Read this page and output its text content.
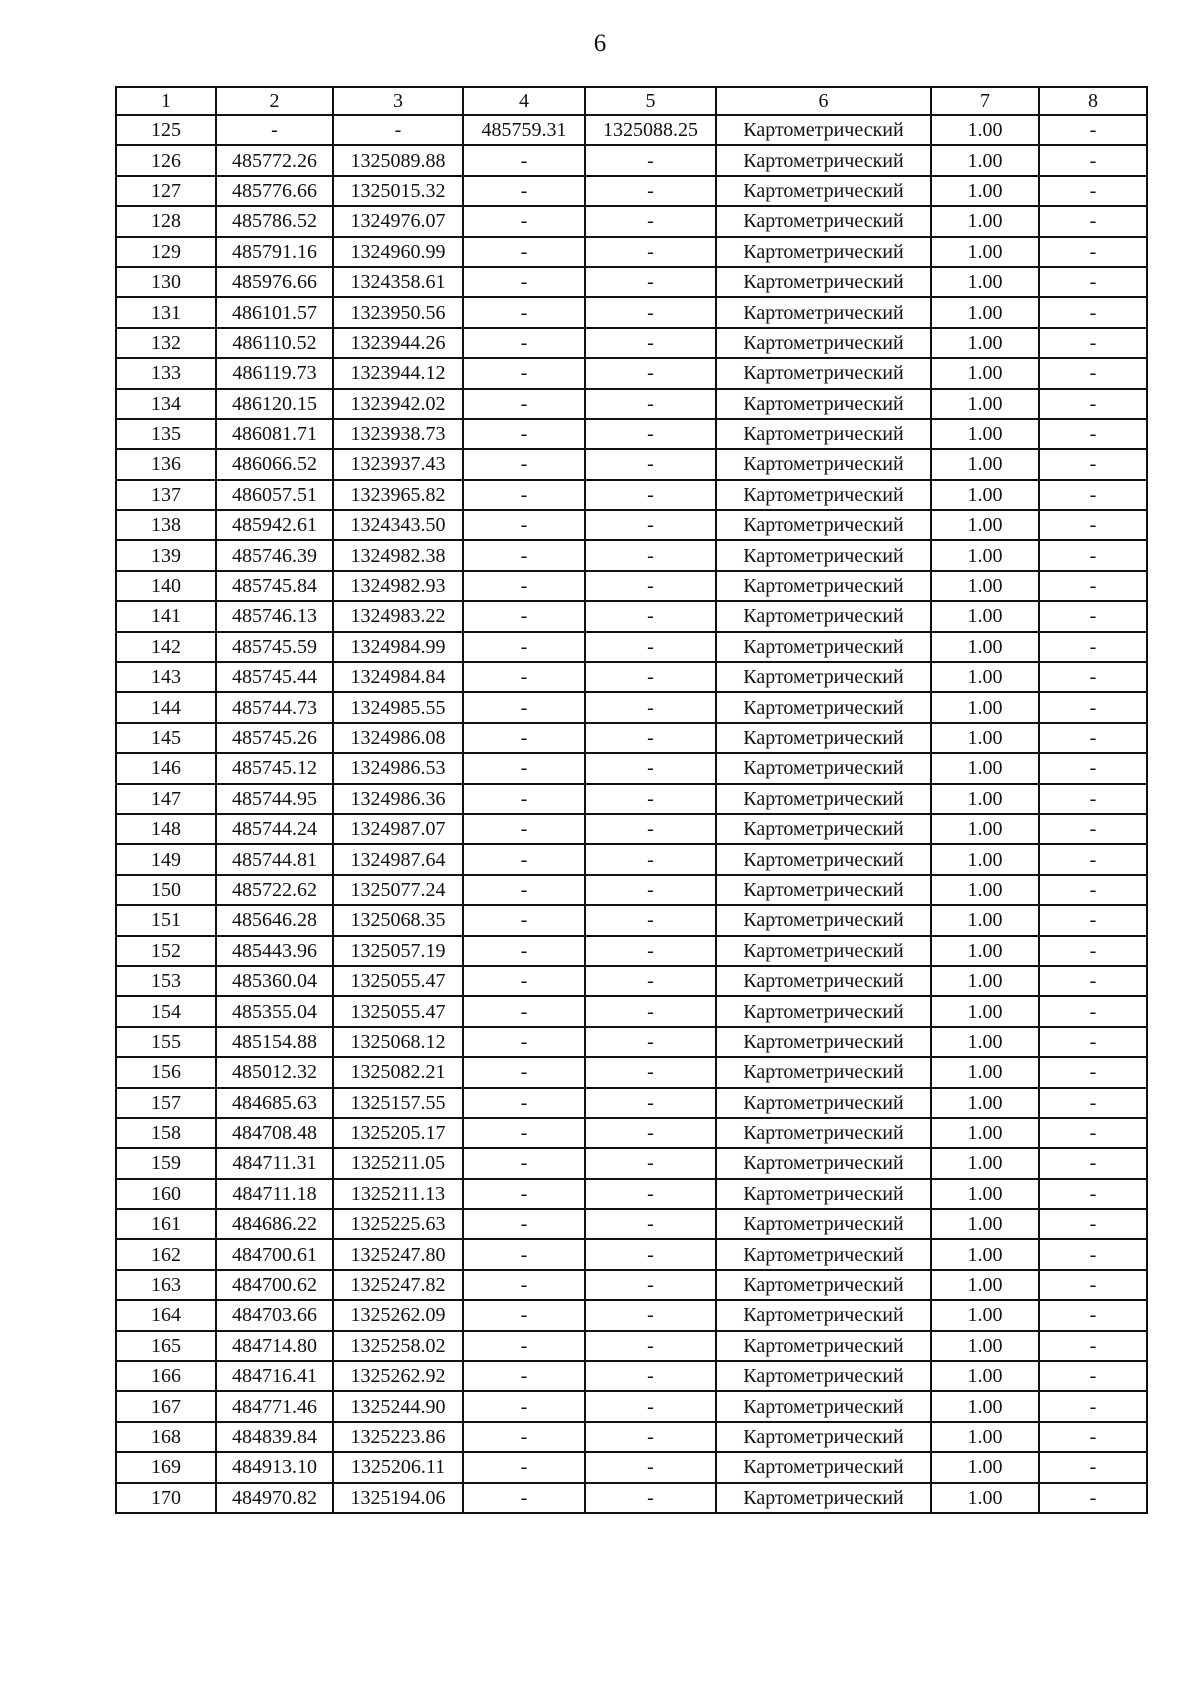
6
1	2	3	4	5	6	7	8
125	-	-	485759.31	1325088.25	Картометрический	1.00	-
126	485772.26	1325089.88	-	-	Картометрический	1.00	-
127	485776.66	1325015.32	-	-	Картометрический	1.00	-
128	485786.52	1324976.07	-	-	Картометрический	1.00	-
129	485791.16	1324960.99	-	-	Картометрический	1.00	-
130	485976.66	1324358.61	-	-	Картометрический	1.00	-
131	486101.57	1323950.56	-	-	Картометрический	1.00	-
132	486110.52	1323944.26	-	-	Картометрический	1.00	-
133	486119.73	1323944.12	-	-	Картометрический	1.00	-
134	486120.15	1323942.02	-	-	Картометрический	1.00	-
135	486081.71	1323938.73	-	-	Картометрический	1.00	-
136	486066.52	1323937.43	-	-	Картометрический	1.00	-
137	486057.51	1323965.82	-	-	Картометрический	1.00	-
138	485942.61	1324343.50	-	-	Картометрический	1.00	-
139	485746.39	1324982.38	-	-	Картометрический	1.00	-
140	485745.84	1324982.93	-	-	Картометрический	1.00	-
141	485746.13	1324983.22	-	-	Картометрический	1.00	-
142	485745.59	1324984.99	-	-	Картометрический	1.00	-
143	485745.44	1324984.84	-	-	Картометрический	1.00	-
144	485744.73	1324985.55	-	-	Картометрический	1.00	-
145	485745.26	1324986.08	-	-	Картометрический	1.00	-
146	485745.12	1324986.53	-	-	Картометрический	1.00	-
147	485744.95	1324986.36	-	-	Картометрический	1.00	-
148	485744.24	1324987.07	-	-	Картометрический	1.00	-
149	485744.81	1324987.64	-	-	Картометрический	1.00	-
150	485722.62	1325077.24	-	-	Картометрический	1.00	-
151	485646.28	1325068.35	-	-	Картометрический	1.00	-
152	485443.96	1325057.19	-	-	Картометрический	1.00	-
153	485360.04	1325055.47	-	-	Картометрический	1.00	-
154	485355.04	1325055.47	-	-	Картометрический	1.00	-
155	485154.88	1325068.12	-	-	Картометрический	1.00	-
156	485012.32	1325082.21	-	-	Картометрический	1.00	-
157	484685.63	1325157.55	-	-	Картометрический	1.00	-
158	484708.48	1325205.17	-	-	Картометрический	1.00	-
159	484711.31	1325211.05	-	-	Картометрический	1.00	-
160	484711.18	1325211.13	-	-	Картометрический	1.00	-
161	484686.22	1325225.63	-	-	Картометрический	1.00	-
162	484700.61	1325247.80	-	-	Картометрический	1.00	-
163	484700.62	1325247.82	-	-	Картометрический	1.00	-
164	484703.66	1325262.09	-	-	Картометрический	1.00	-
165	484714.80	1325258.02	-	-	Картометрический	1.00	-
166	484716.41	1325262.92	-	-	Картометрический	1.00	-
167	484771.46	1325244.90	-	-	Картометрический	1.00	-
168	484839.84	1325223.86	-	-	Картометрический	1.00	-
169	484913.10	1325206.11	-	-	Картометрический	1.00	-
170	484970.82	1325194.06	-	-	Картометрический	1.00	-
